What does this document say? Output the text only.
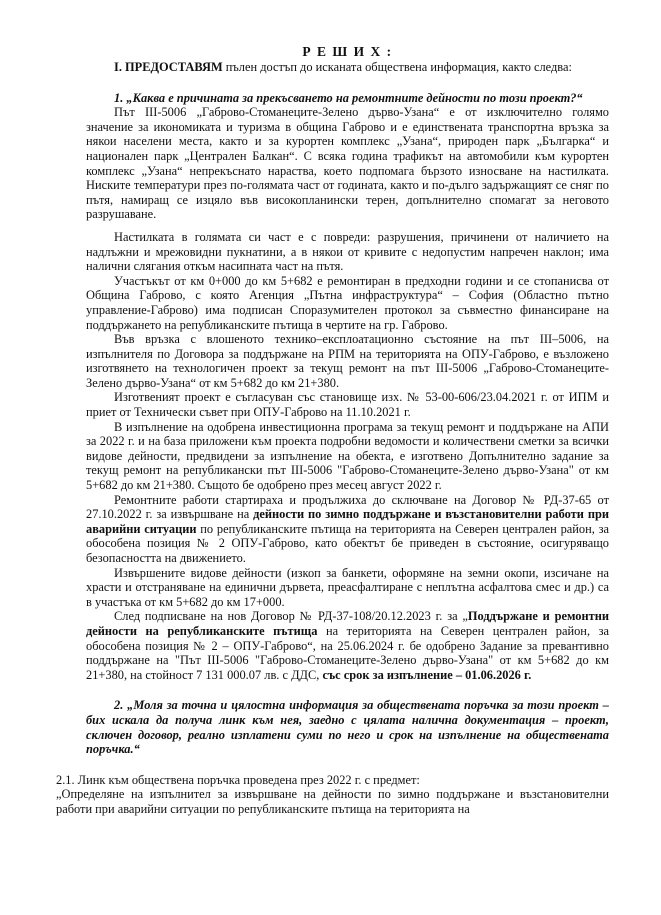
Р Е Ш И Х :

I. ПРЕДОСТАВЯМ пълен достъп до исканата обществена информация, както следва:

1. „Каква е причината за прекъсването на ремонтните дейности по този проект?“

Път III-5006 „Габрово-Стоманеците-Зелено дърво-Узана“ е от изключително голямо значение за икономиката и туризма в община Габрово и е единствената транспортна връзка за някои населени места, както и за курортен комплекс „Узана“, природен парк „Българка“ и национален парк „Централен Балкан“. С всяка година трафикът на автомобили към курортен комплекс „Узана“ непрекъснато нараства, което подпомага бързото износване на настилката. Ниските температури през по-голямата част от годината, както и по-дълго задържащият се сняг по пътя, намиращ се изцяло във високопланински терен, допълнително спомагат за неговото разрушаване.

Настилката в голямата си част е с повреди: разрушения, причинени от наличието на надлъжни и мрежовидни пукнатини, а в някои от кривите с недопустим напречен наклон; има налични слягания откъм насипната част на пътя.

Участъкът от км 0+000 до км 5+682 е ремонтиран в предходни години и се стопанисва от Община Габрово, с която Агенция „Пътна инфраструктура“ – София (Областно пътно управление-Габрово) има подписан Споразумителен протокол за съвместно финансиране на поддържането на републиканските пътища в чертите на гр. Габрово.

Във връзка с влошеното технико–експлоатационно състояние на път III–5006, на изпълнителя по Договора за поддържане на РПМ на територията на ОПУ-Габрово, е възложено изготвянето на технологичен проект за текущ ремонт на път III-5006 „Габрово-Стоманеците-Зелено дърво-Узана“ от км 5+682 до км 21+380.

Изготвеният проект е съгласуван със становище изх. № 53-00-606/23.04.2021 г. от ИПМ и приет от Технически съвет при ОПУ-Габрово на 11.10.2021 г.

В изпълнение на одобрена инвестиционна програма за текущ ремонт и поддържане на АПИ за 2022 г. и на база приложени към проекта подробни ведомости и количествени сметки за всички видове дейности, предвидени за изпълнение на обекта, е изготвено Допълнително задание за текущ ремонт на републикански път III-5006 "Габрово-Стоманеците-Зелено дърво-Узана" от км 5+682 до км 21+380. Същото бе одобрено през месец август 2022 г.

Ремонтните работи стартираха и продължиха до сключване на Договор № РД-37-65 от 27.10.2022 г. за извършване на дейности по зимно поддържане и възстановителни работи при аварийни ситуации по републиканските пътища на територията на Северен централен район, за обособена позиция № 2 ОПУ-Габрово, като обектът бе приведен в състояние, осигуряващо безопасността на движението.

Извършените видове дейности (изкоп за банкети, оформяне на земни окопи, изсичане на храсти и отстраняване на единични дървета, преасфалтиране с неплътна асфалтова смес и др.) са в участъка от км 5+682 до км 17+000.

След подписване на нов Договор № РД-37-108/20.12.2023 г. за „Поддържане и ремонтни дейности на републиканските пътища на територията на Северен централен район, за обособена позиция № 2 – ОПУ-Габрово“, на 25.06.2024 г. бе одобрено Задание за превантивно поддържане на "Път III-5006 "Габрово-Стоманеците-Зелено дърво-Узана" от км 5+682 до км 21+380, на стойност 7 131 000.07 лв. с ДДС, със срок за изпълнение – 01.06.2026 г.

2. „Моля за точна и цялостна информация за обществената поръчка за този проект – бих искала да получа линк към нея, заедно с цялата налична документация – проект, сключен договор, реално изплатени суми по него и срок на изпълнение на обществената поръчка.“

2.1. Линк към обществена поръчка проведена през 2022 г. с предмет:

„Определяне на изпълнител за извършване на дейности по зимно поддържане и възстановителни работи при аварийни ситуации по републиканските пътища на територията на
